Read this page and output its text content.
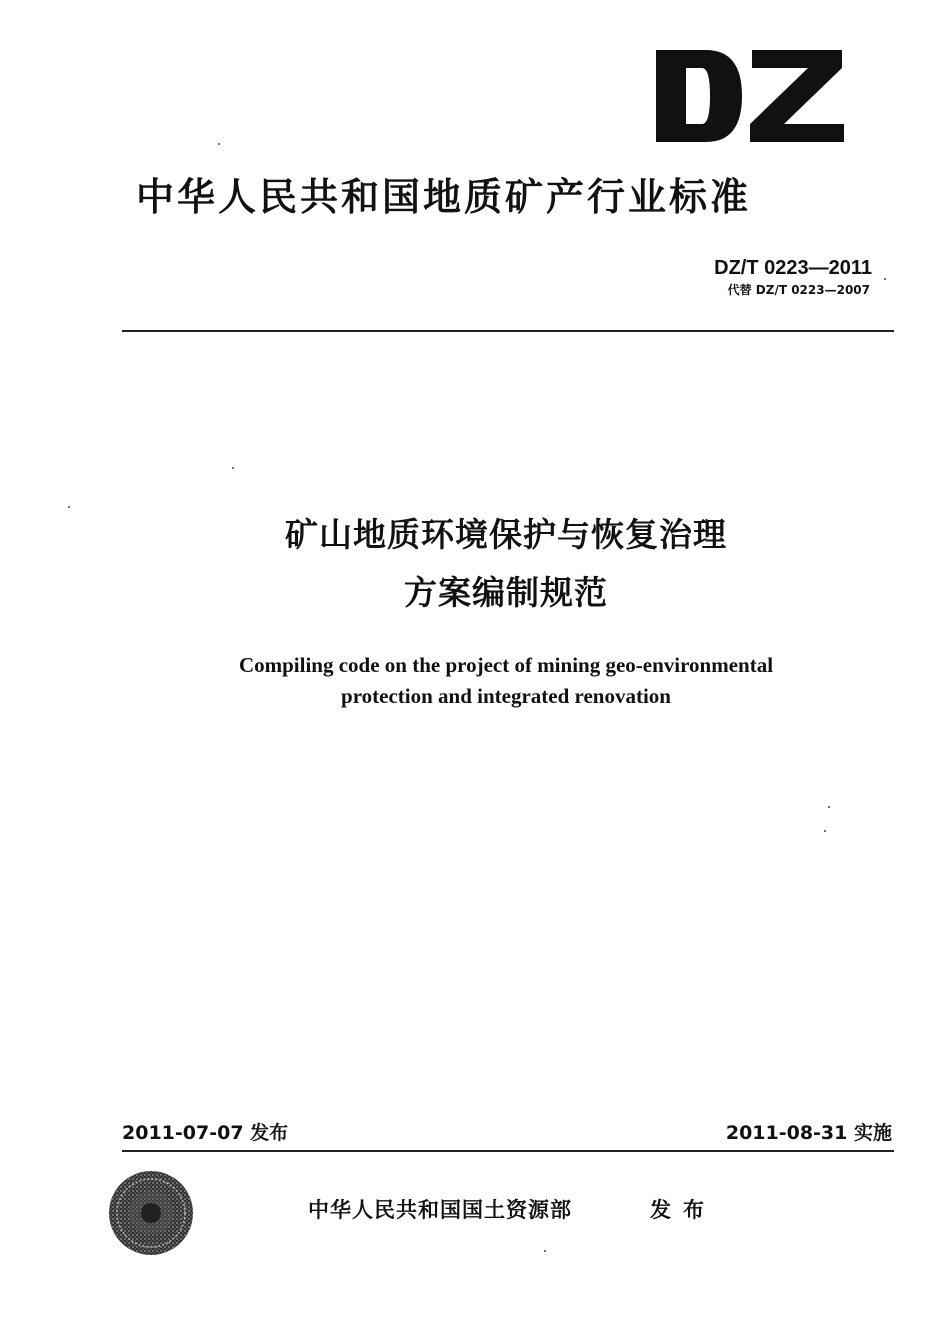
中华人民共和国地质矿产行业标准
DZ/T 0223—2011
代替 DZ/T 0223—2007
矿山地质环境保护与恢复治理
方案编制规范
Compiling code on the project of mining geo-environmental
protection and integrated renovation
2011-07-07 发布	2011-08-31 实施
中华人民共和国国土资源部	发布
